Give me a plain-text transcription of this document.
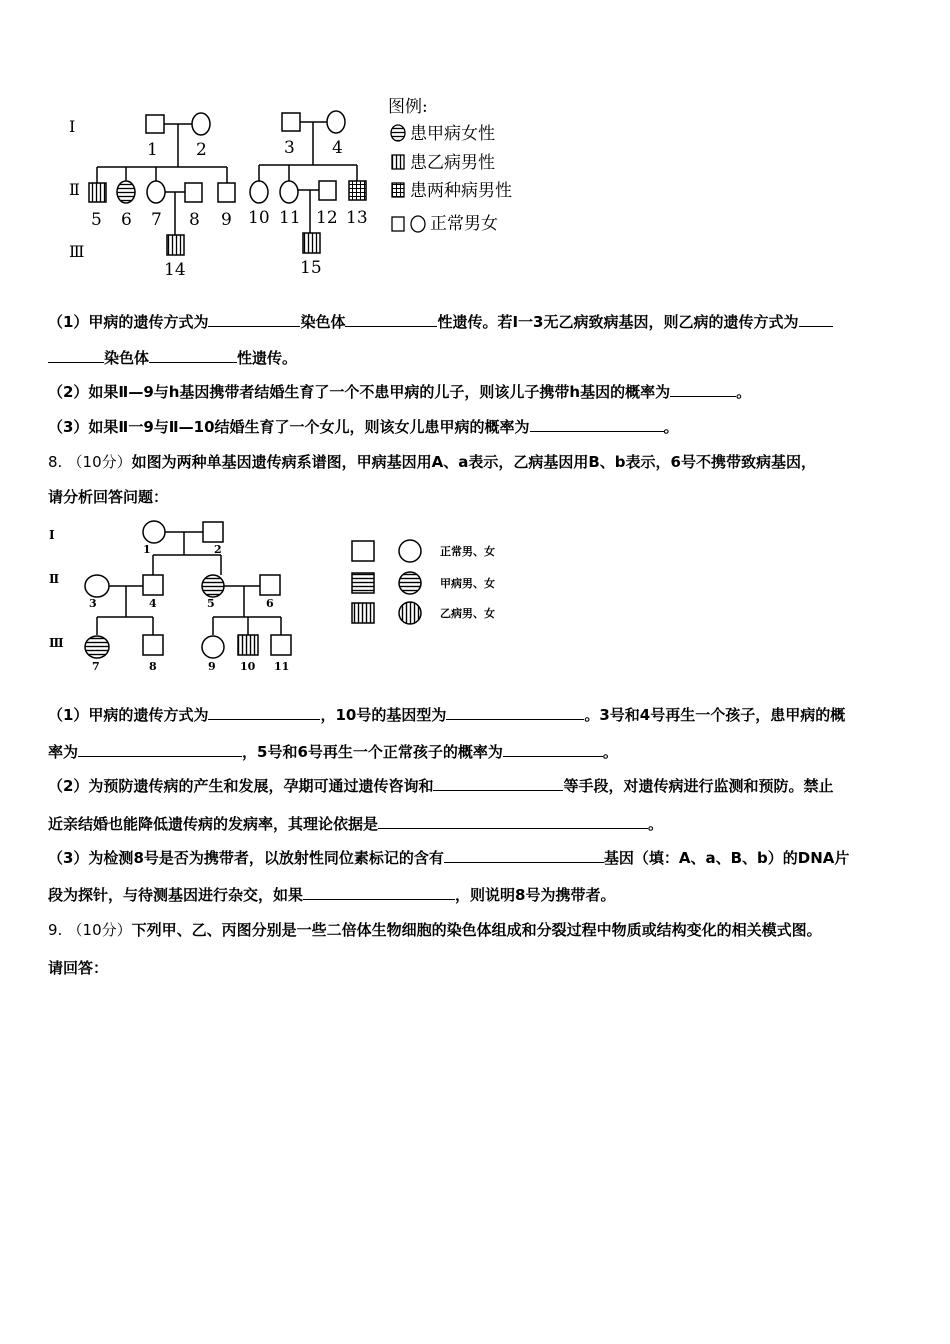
Ⅰ
Ⅱ
Ⅲ
1 2	3 4
5 6 7 8 9 10 11 12 13
14	15
图例:
患甲病女性
患乙病男性
患两种病男性
正常男女
（1）甲病的遗传方式为	染色体	性遗传。若Ⅰ一3无乙病致病基因，则乙病的遗传方式为
染色体	性遗传。
（2）如果Ⅱ—9与h基因携带者结婚生育了一个不患甲病的儿子，则该儿子携带h基因的概率为	。
（3）如果Ⅱ一9与Ⅱ—10结婚生育了一个女儿，则该女儿患甲病的概率为	。
8. （10分）如图为两种单基因遗传病系谱图，甲病基因用A、a表示，乙病基因用B、b表示，6号不携带致病基因，
请分析回答问题：
Ⅰ
Ⅱ
Ⅲ
1	2
3	4	5	6
7	8	9 10 11
正常男、女
甲病男、女
乙病男、女
（1）甲病的遗传方式为	，10号的基因型为	。3号和4号再生一个孩子，患甲病的概
率为	，5号和6号再生一个正常孩子的概率为	。
（2）为预防遗传病的产生和发展，孕期可通过遗传咨询和	等手段，对遗传病进行监测和预防。禁止
近亲结婚也能降低遗传病的发病率，其理论依据是	。
（3）为检测8号是否为携带者，以放射性同位素标记的含有	基因（填：A、a、B、b）的DNA片
段为探针，与待测基因进行杂交，如果	，则说明8号为携带者。
9. （10分）下列甲、乙、丙图分别是一些二倍体生物细胞的染色体组成和分裂过程中物质或结构变化的相关模式图。
请回答：
